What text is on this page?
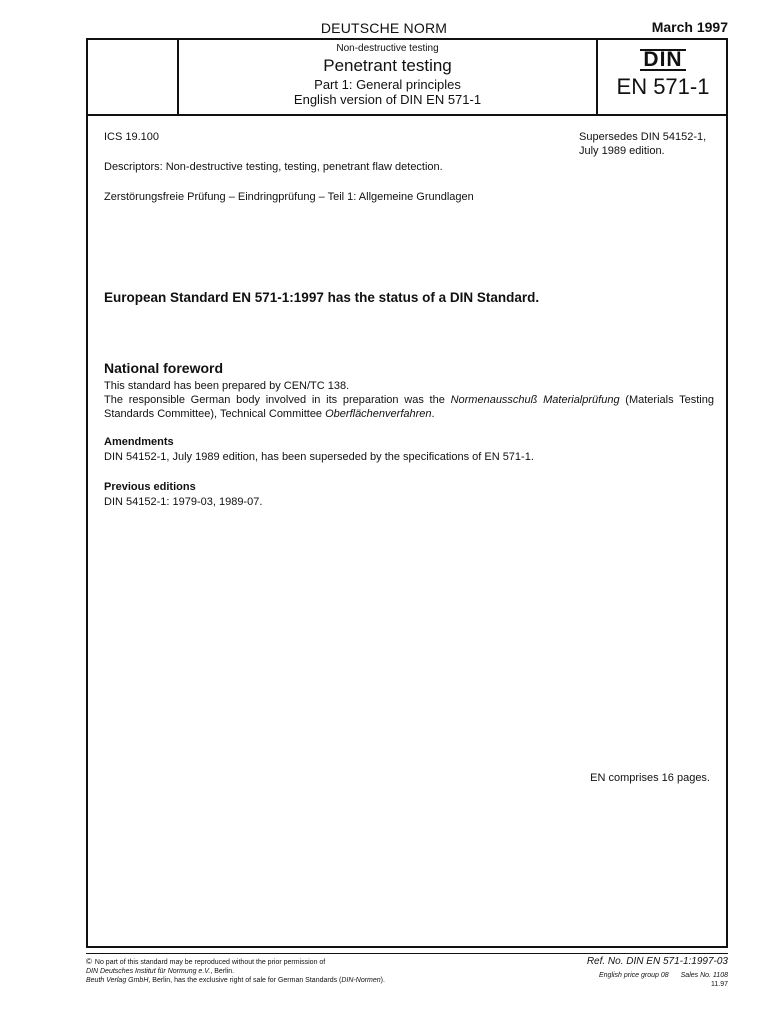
DEUTSCHE NORM	March 1997
Non-destructive testing
Penetrant testing
Part 1: General principles
English version of DIN EN 571-1
DIN
EN 571-1
ICS 19.100	Supersedes DIN 54152-1,
July 1989 edition.
Descriptors: Non-destructive testing, testing, penetrant flaw detection.
Zerstörungsfreie Prüfung – Eindringprüfung – Teil 1: Allgemeine Grundlagen
European Standard EN 571-1:1997 has the status of a DIN Standard.
National foreword
This standard has been prepared by CEN/TC 138.
The responsible German body involved in its preparation was the Normenausschuß Materialprüfung (Materials Testing Standards Committee), Technical Committee Oberflächenverfahren.
Amendments
DIN 54152-1, July 1989 edition, has been superseded by the specifications of EN 571-1.
Previous editions
DIN 54152-1: 1979-03, 1989-07.
EN comprises 16 pages.
© No part of this standard may be reproduced without the prior permission of
DIN Deutsches Institut für Normung e.V., Berlin.
Beuth Verlag GmbH, Berlin, has the exclusive right of sale for German Standards (DIN-Normen).
Ref. No. DIN EN 571-1:1997-03
English price group 08 Sales No. 1108
11.97
